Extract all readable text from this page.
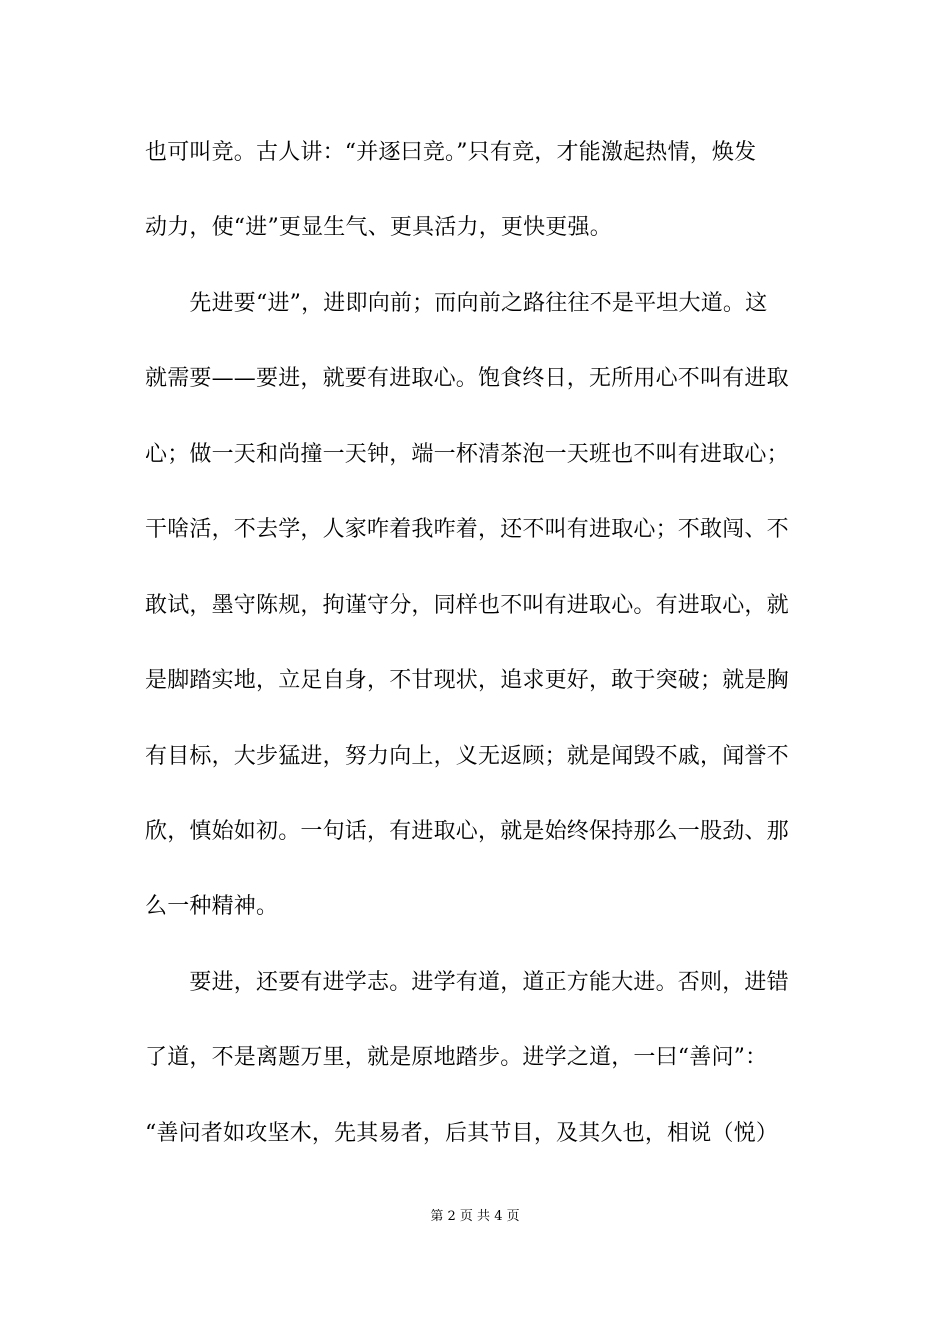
也可叫竞。古人讲：“并逐曰竞。”只有竞，才能激起热情，焕发
动力，使“进”更显生气、更具活力，更快更强。
　　先进要“进”，进即向前；而向前之路往往不是平坦大道。这
就需要——要进，就要有进取心。饱食终日，无所用心不叫有进取
心；做一天和尚撞一天钟，端一杯清茶泡一天班也不叫有进取心；
干啥活，不去学，人家咋着我咋着，还不叫有进取心；不敢闯、不
敢试，墨守陈规，拘谨守分，同样也不叫有进取心。有进取心，就
是脚踏实地，立足自身，不甘现状，追求更好，敢于突破；就是胸
有目标，大步猛进，努力向上，义无返顾；就是闻毁不戚，闻誉不
欣，慎始如初。一句话，有进取心，就是始终保持那么一股劲、那
么一种精神。
　　要进，还要有进学志。进学有道，道正方能大进。否则，进错
了道，不是离题万里，就是原地踏步。进学之道，一曰“善问”：
“善问者如攻坚木，先其易者，后其节目，及其久也，相说（悦）
第 2 页 共 4 页
